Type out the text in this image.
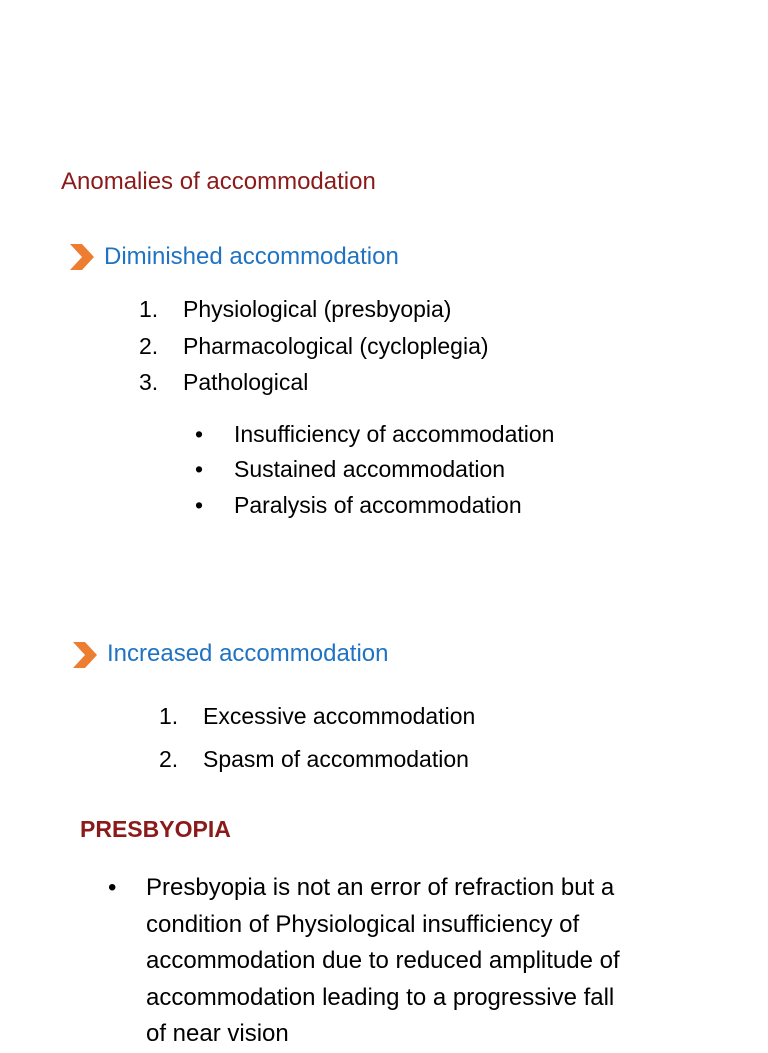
Anomalies of accommodation
Diminished accommodation
1. Physiological (presbyopia)
2. Pharmacological (cycloplegia)
3. Pathological
• Insufficiency of accommodation
• Sustained accommodation
• Paralysis of accommodation
Increased accommodation
1. Excessive accommodation
2. Spasm of accommodation
PRESBYOPIA
• Presbyopia is not an error of refraction but a
condition of Physiological insufficiency of
accommodation due to reduced amplitude of
accommodation leading to a progressive fall
of near vision
